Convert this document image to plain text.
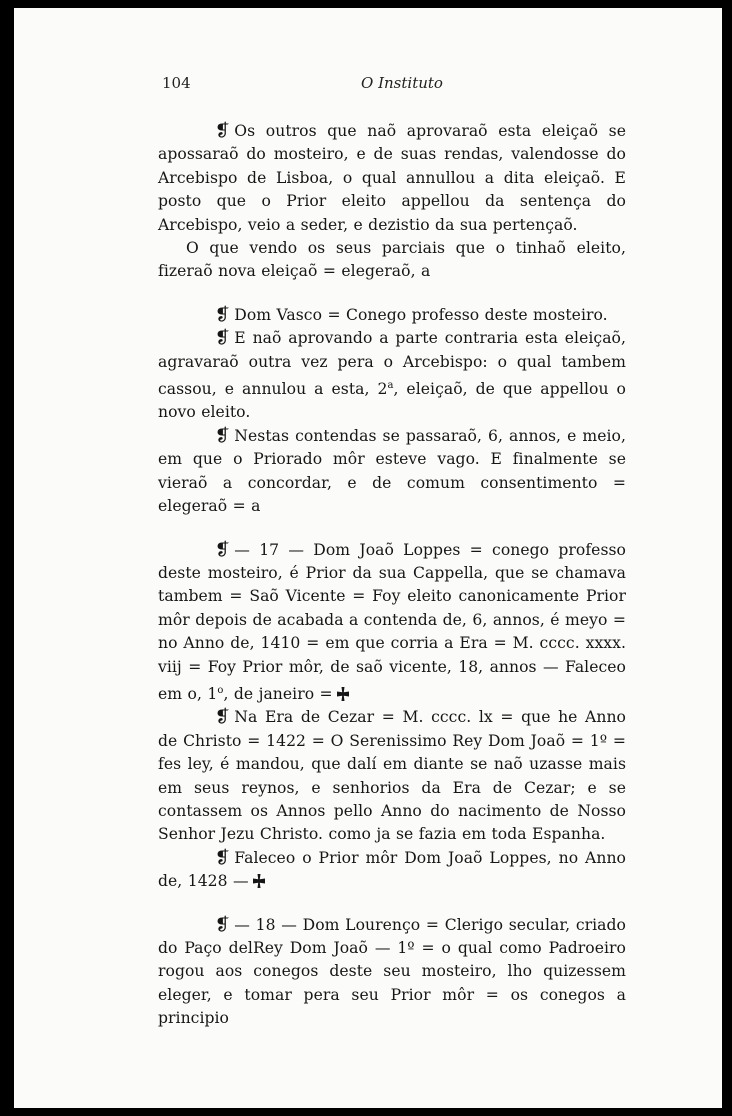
104	O Instituto

❡ Os outros que naõ aprovaraõ esta eleiçaõ se apossaraõ do mosteiro, e de suas rendas, valendosse do Arcebispo de Lisboa, o qual annullou a dita eleiçaõ. E posto que o Prior eleito appellou da sentença do Arcebispo, veio a seder, e dezistio da sua pertençaõ.

O que vendo os seus parciais que o tinhaõ eleito, fizeraõ nova eleiçaõ = elegeraõ, a

❡ Dom Vasco = Conego professo deste mosteiro.

❡ E naõ aprovando a parte contraria esta eleiçaõ, agravaraõ outra vez pera o Arcebispo: o qual tambem cassou, e annulou a esta, 2$^a$, eleiçaõ, de que appellou o novo eleito.

❡ Nestas contendas se passaraõ, 6, annos, e meio, em que o Priorado môr esteve vago. E finalmente se vieraõ a concordar, e de comum consentimento = elegeraõ = a

❡ — 17 — Dom Joaõ Loppes = conego professo deste mosteiro, é Prior da sua Cappella, que se chamava tambem = Saõ Vicente = Foy eleito canonicamente Prior môr depois de acabada a contenda de, 6, annos, é meyo = no Anno de, 1410 = em que corria a Era = M. cccc. xxxx. viij = Foy Prior môr, de saõ vicente, 18, annos — Faleceo em o, 1$^o$, de janeiro =

❡ Na Era de Cezar = M. cccc. lx = que he Anno de Christo = 1422 = O Serenissimo Rey Dom Joaõ = 1º = fes ley, é mandou, que dalí em diante se naõ uzasse mais em seus reynos, e senhorios da Era de Cezar; e se contassem os Annos pello Anno do nacimento de Nosso Senhor Jezu Christo. como ja se fazia em toda Espanha.

❡ Faleceo o Prior môr Dom Joaõ Loppes, no Anno de, 1428 —

❡ — 18 — Dom Lourenço = Clerigo secular, criado do Paço delRey Dom Joaõ — 1º = o qual como Padroeiro rogou aos conegos deste seu mosteiro, lho quizessem eleger, e tomar pera seu Prior môr = os conegos a principio
